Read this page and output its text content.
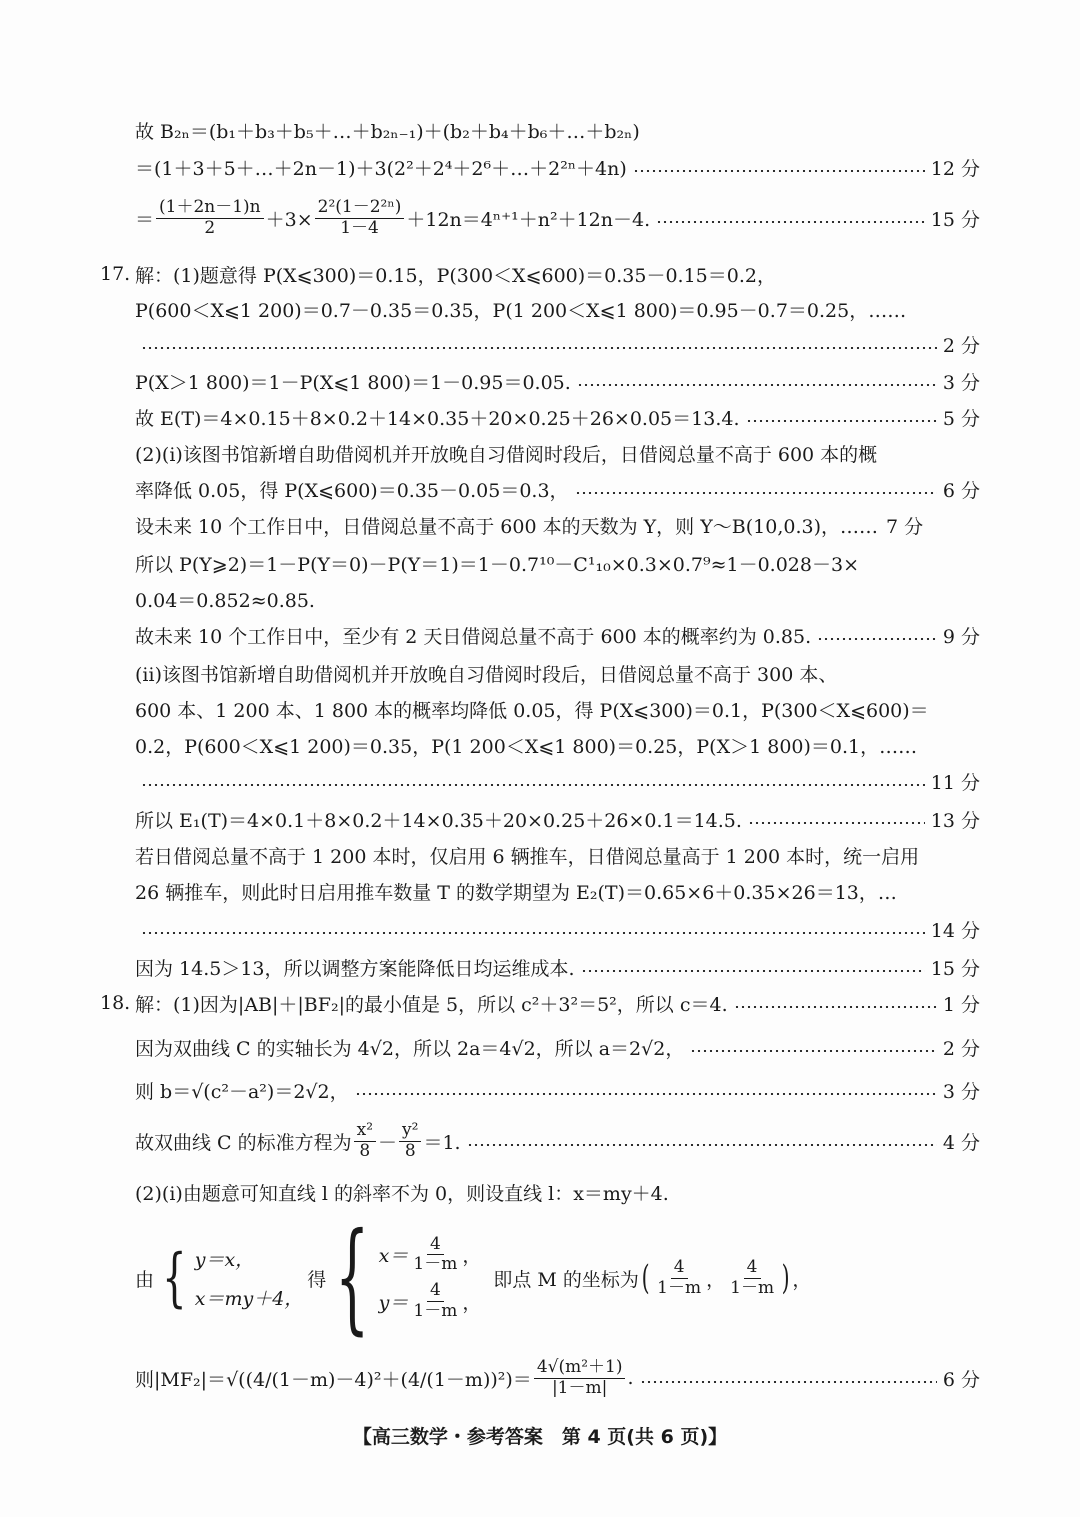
故 B₂ₙ＝(b₁＋b₃＋b₅＋…＋b₂ₙ₋₁)＋(b₂＋b₄＋b₆＋…＋b₂ₙ)
＝(1＋3＋5＋…＋2n－1)＋3(2²＋2⁴＋2⁶＋…＋2²ⁿ＋4n)	12 分
＝ $\frac{(1+2n-1)n}{2} +3\times \frac{\text{2²(1－2²ⁿ)}}{1-4} +12n=4^{n+1}+n^2+12n-4$.	15 分
17. 解：(1)题意得 P(X⩽300)＝0.15，P(300＜X⩽600)＝0.35－0.15＝0.2，
P(600＜X⩽1 200)＝0.7－0.35＝0.35，P(1 200＜X⩽1 800)＝0.95－0.7＝0.25，……
2 分
P(X＞1 800)＝1－P(X⩽1 800)＝1－0.95＝0.05.	3 分
故 E(T)＝4×0.15＋8×0.2＋14×0.35＋20×0.25＋26×0.05＝13.4.	5 分
(2)(ⅰ)该图书馆新增自助借阅机并开放晚自习借阅时段后，日借阅总量不高于 600 本的概
率降低 0.05，得 P(X⩽600)＝0.35－0.05＝0.3，	6 分
设未来 10 个工作日中，日借阅总量不高于 600 本的天数为 Y，则 Y～B(10,0.3)，…… 7 分
所以 P(Y⩾2)＝1－P(Y＝0)－P(Y＝1)＝1－0.7¹⁰－C¹₁₀×0.3×0.7⁹≈1－0.028－3×
0.04＝0.852≈0.85.
故未来 10 个工作日中，至少有 2 天日借阅总量不高于 600 本的概率约为 0.85.	9 分
(ⅱ)该图书馆新增自助借阅机并开放晚自习借阅时段后，日借阅总量不高于 300 本、
600 本、1 200 本、1 800 本的概率均降低 0.05，得 P(X⩽300)＝0.1，P(300＜X⩽600)＝
0.2，P(600＜X⩽1 200)＝0.35，P(1 200＜X⩽1 800)＝0.25，P(X＞1 800)＝0.1，……
11 分
所以 E₁(T)＝4×0.1＋8×0.2＋14×0.35＋20×0.25＋26×0.1＝14.5.	13 分
若日借阅总量不高于 1 200 本时，仅启用 6 辆推车，日借阅总量高于 1 200 本时，统一启用
26 辆推车，则此时日启用推车数量 T 的数学期望为 E₂(T)＝0.65×6＋0.35×26＝13，…
14 分
因为 14.5＞13，所以调整方案能降低日均运维成本.	15 分
18. 解：(1)因为|AB|＋|BF₂|的最小值是 5，所以 c²＋3²＝5²，所以 c＝4.	1 分
因为双曲线 C 的实轴长为 4√2，所以 2a＝4√2，所以 a＝2√2，	2 分
则 b＝√(c²－a²)＝2√2，	3 分
故双曲线 C 的标准方程为 $\frac{\text{x²}}{8} - \frac{\text{y²}}{8} =1$.	4 分
(2)(ⅰ)由题意可知直线 l 的斜率不为 0，则设直线 l：x＝my＋4.
由 { y＝x，
x＝my＋4，
得 { $x= \frac{4}{1-m}$ ，
$y= \frac{4}{1-m}$ ，
即点 M 的坐标为 ( $\frac{4}{1-m}$ ， $\frac{4}{1-m}$ ) ，
则$|MF_2|= √((4/(1-m)-4)^2+(4/(1-m))^2)= \frac{\text{4√(m²＋1)}}{|1-m|}$ .	6 分
【高三数学・参考答案　第 4 页(共 6 页)】
